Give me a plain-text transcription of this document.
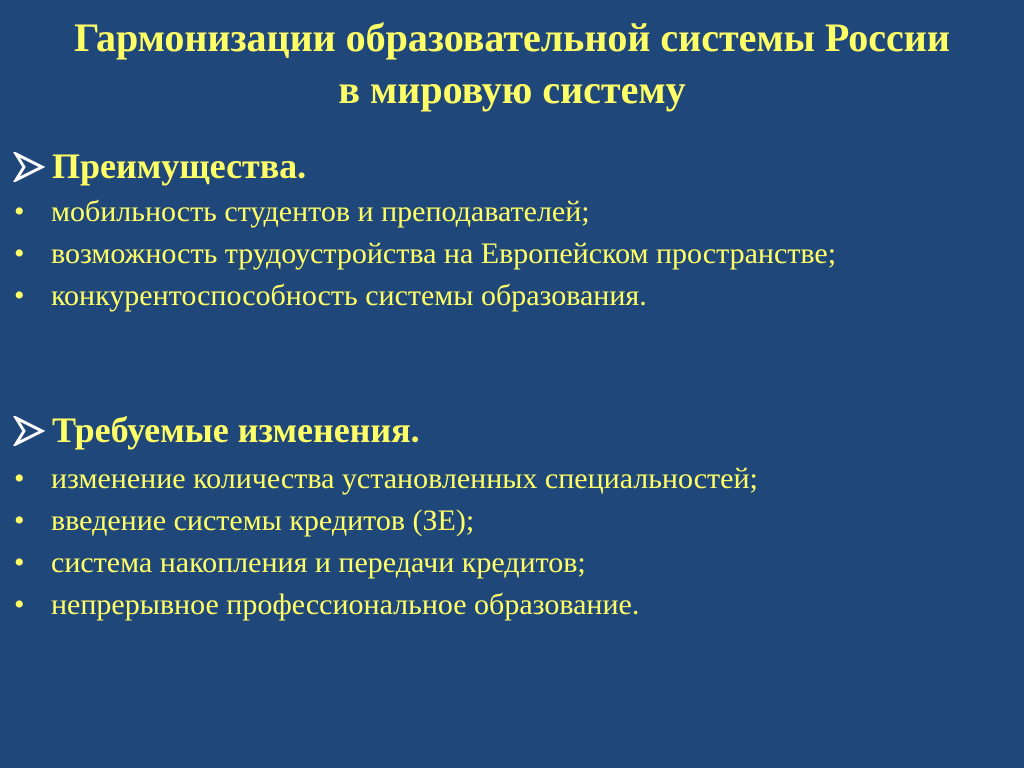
Гармонизации образовательной системы России
в мировую систему
Преимущества.
• мобильность студентов и преподавателей;
• возможность трудоустройства на Европейском пространстве;
• конкурентоспособность системы образования.
Требуемые изменения.
• изменение количества установленных специальностей;
• введение системы кредитов (ЗЕ);
• система накопления и передачи кредитов;
• непрерывное профессиональное образование.
